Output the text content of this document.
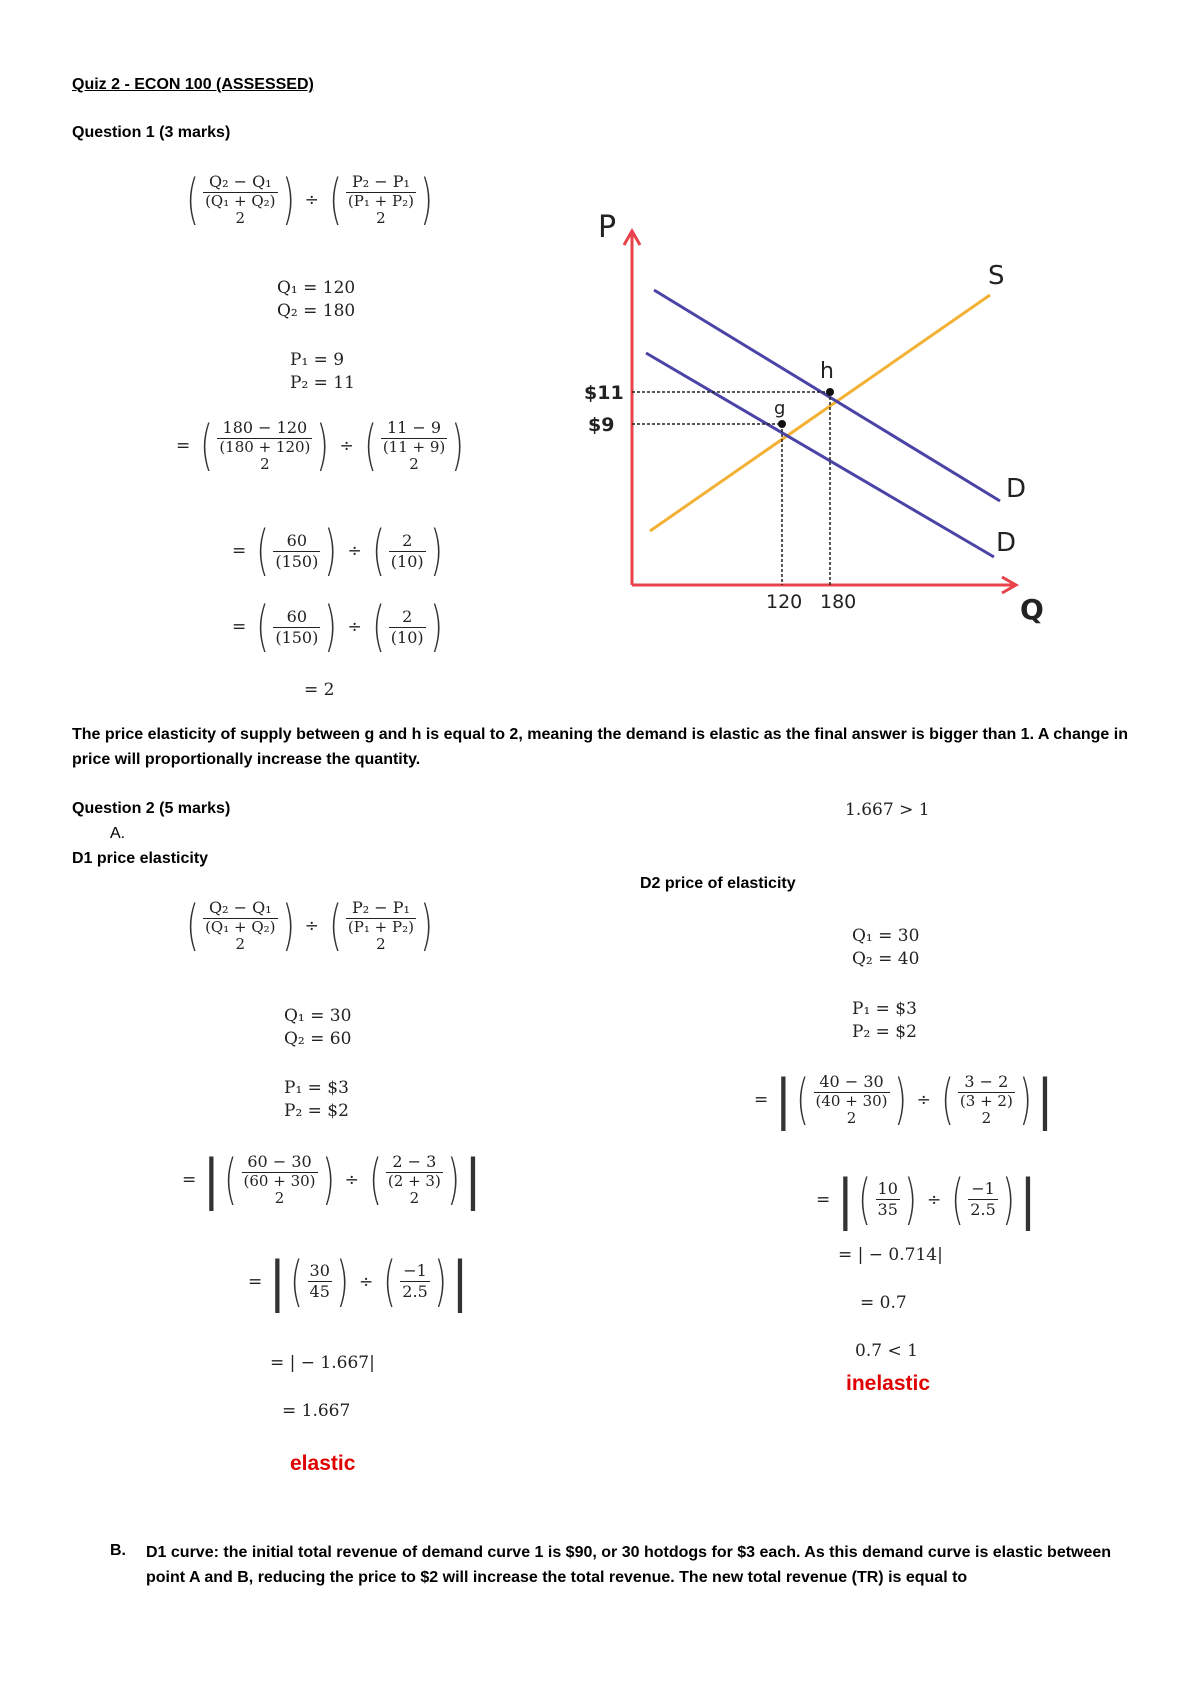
Quiz 2 - ECON 100 (ASSESSED)
Question 1 (3 marks)
( Q₂ − Q₁
(Q₁ + Q₂)
2 ) ÷ ( P₂ − P₁
(P₁ + P₂)
2 )
Q₁ = 120
Q₂ = 180
P₁ = 9
P₂ = 11
= ( 180 − 120
(180 + 120)
2 ) ÷ ( 11 − 9
(11 + 9)
2 )
= ( $\frac{60}{(150)}$ ) ÷ ( $\frac{2}{(10)}$ )
= ( $\frac{60}{(150)}$ ) ÷ ( $\frac{2}{(10)}$ )
= 2
P
Q
S
D
D
h
g
$11
$9
120 180
The price elasticity of supply between g and h is equal to 2, meaning the demand is elastic as the final answer is bigger than 1. A change in price will proportionally increase the quantity.
Question 2 (5 marks)	1.667 > 1
A.
D1 price elasticity
D2 price of elasticity
( Q₂ − Q₁
(Q₁ + Q₂)
2 ) ÷ ( P₂ − P₁
(P₁ + P₂)
2 )
Q₁ = 30
Q₂ = 60
P₁ = $3
P₂ = $2
= |( 60 − 30
(60 + 30)
2 ) ÷ ( 2 − 3
(2 + 3)
2 )|
= |( $\frac{30}{45}$ ) ÷ ( $\frac{-1}{2.5}$ )|
= | − 1.667|
= 1.667
elastic
Q₁ = 30
Q₂ = 40
P₁ = $3
P₂ = $2
= |( 40 − 30
(40 + 30)
2 ) ÷ ( 3 − 2
(3 + 2)
2 )|
= |( $\frac{10}{35}$ ) ÷ ( $\frac{-1}{2.5}$ )|
= | − 0.714|
= 0.7
0.7 < 1
inelastic
B. D1 curve: the initial total revenue of demand curve 1 is $90, or 30 hotdogs for $3 each. As this demand curve is elastic between point A and B, reducing the price to $2 will increase the total revenue. The new total revenue (TR) is equal to
